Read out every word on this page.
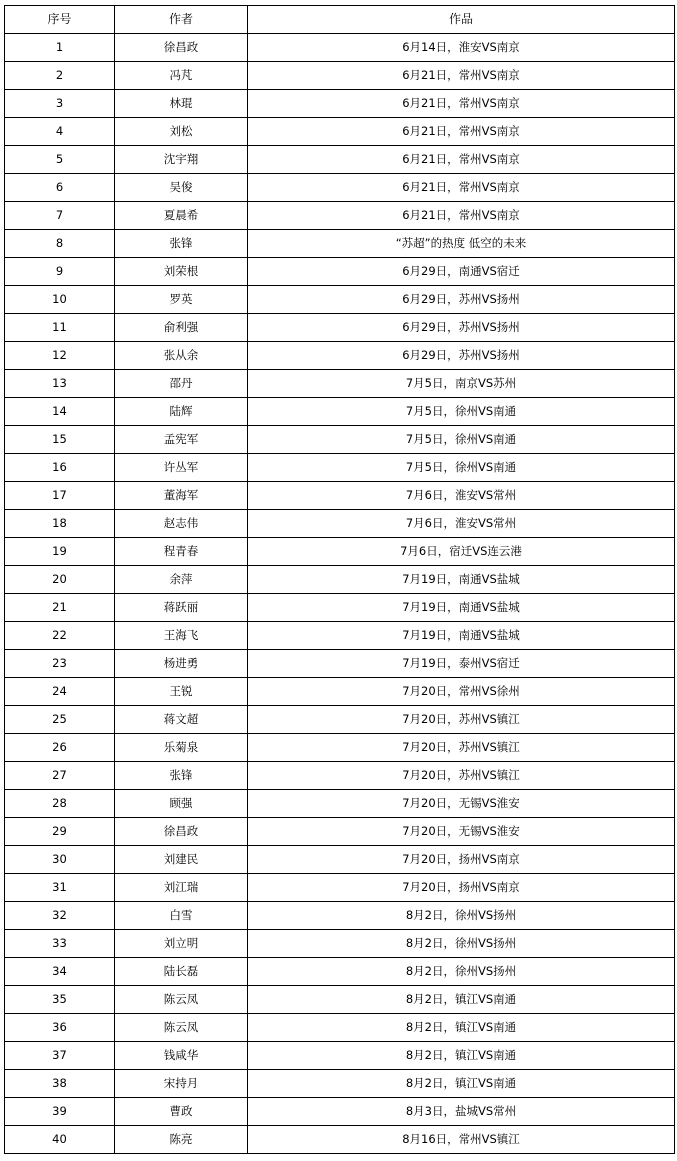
序号	作者	作品
1	徐昌政	6月14日，淮安VS南京
2	冯芃	6月21日，常州VS南京
3	林琨	6月21日，常州VS南京
4	刘松	6月21日，常州VS南京
5	沈宇翔	6月21日，常州VS南京
6	吴俊	6月21日，常州VS南京
7	夏晨希	6月21日，常州VS南京
8	张锋	“苏超”的热度 低空的未来
9	刘荣根	6月29日，南通VS宿迁
10	罗英	6月29日，苏州VS扬州
11	俞利强	6月29日，苏州VS扬州
12	张从余	6月29日，苏州VS扬州
13	邵丹	7月5日，南京VS苏州
14	陆辉	7月5日，徐州VS南通
15	孟宪军	7月5日，徐州VS南通
16	许丛军	7月5日，徐州VS南通
17	董海军	7月6日，淮安VS常州
18	赵志伟	7月6日，淮安VS常州
19	程青春	7月6日，宿迁VS连云港
20	余萍	7月19日，南通VS盐城
21	蒋跃丽	7月19日，南通VS盐城
22	王海飞	7月19日，南通VS盐城
23	杨进勇	7月19日，泰州VS宿迁
24	王锐	7月20日，常州VS徐州
25	蒋文超	7月20日，苏州VS镇江
26	乐菊泉	7月20日，苏州VS镇江
27	张锋	7月20日，苏州VS镇江
28	顾强	7月20日，无锡VS淮安
29	徐昌政	7月20日，无锡VS淮安
30	刘建民	7月20日，扬州VS南京
31	刘江瑞	7月20日，扬州VS南京
32	白雪	8月2日，徐州VS扬州
33	刘立明	8月2日，徐州VS扬州
34	陆长磊	8月2日，徐州VS扬州
35	陈云凤	8月2日，镇江VS南通
36	陈云凤	8月2日，镇江VS南通
37	钱咸华	8月2日，镇江VS南通
38	宋持月	8月2日，镇江VS南通
39	曹政	8月3日，盐城VS常州
40	陈亮	8月16日，常州VS镇江
